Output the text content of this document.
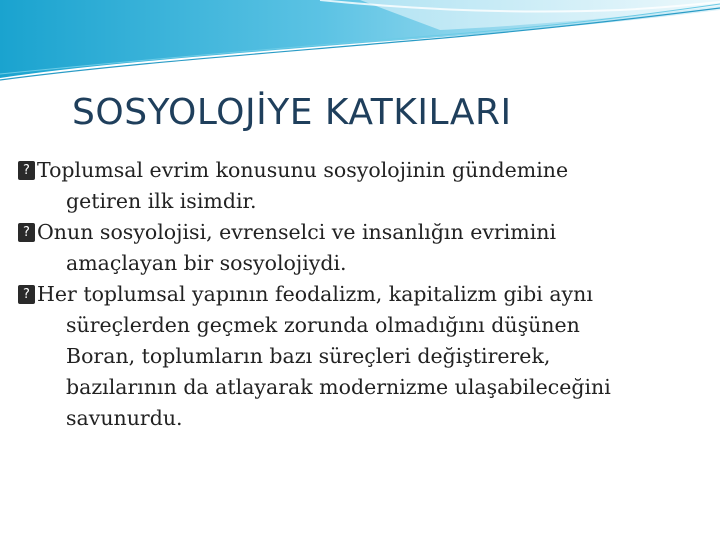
SOSYOLOJİYE KATKILARI
? Toplumsal evrim konusunu sosyolojinin gündemine
getiren ilk isimdir.
? Onun sosyolojisi, evrenselci ve insanlığın evrimini
amaçlayan bir sosyolojiydi.
? Her toplumsal yapının feodalizm, kapitalizm gibi aynı
süreçlerden geçmek zorunda olmadığını düşünen
Boran, toplumların bazı süreçleri değiştirerek,
bazılarının da atlayarak modernizme ulaşabileceğini
savunurdu.
